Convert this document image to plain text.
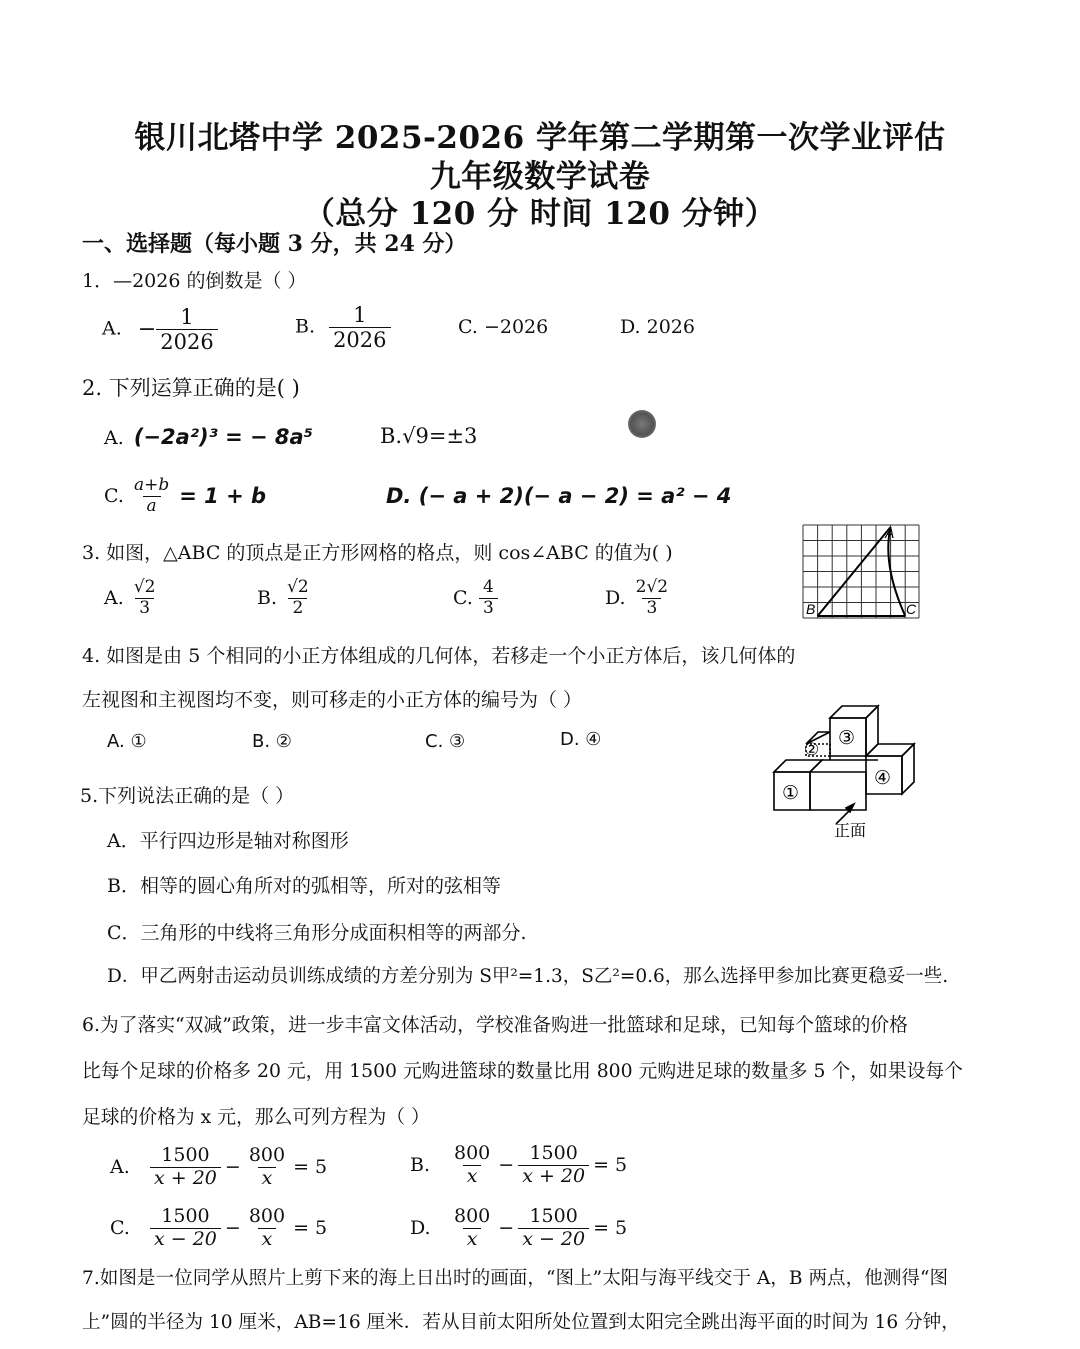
银川北塔中学 2025-2026 学年第二学期第一次学业评估
九年级数学试卷
（总分 120 分 时间 120 分钟）
一、选择题（每小题 3 分，共 24 分）
1．—2026 的倒数是（ ）
A. − $\frac{1}{2026}$	B. $\frac{1}{2026}$	C. −2026	D. 2026
2. 下列运算正确的是( )
A. (−2a²)³ = − 8a⁵	B.√9=±3
C. $\frac{a+b}{a} = 1 + b$	D. (− a + 2)(− a − 2) = a² − 4
3. 如图，△ABC 的顶点是正方形网格的格点，则 cos∠ABC 的值为( )
A. $\frac{√2}{3}$	B. $\frac{√2}{2}$	C. $\frac{4}{3}$	D. $\frac{2√2}{3}$
A
B	C
4. 如图是由 5 个相同的小正方体组成的几何体，若移走一个小正方体后，该几何体的
左视图和主视图均不变，则可移走的小正方体的编号为（ ）
A. ①	B. ②	C. ③	D. ④	③
②
①
④
正面
5.下列说法正确的是（ ）
A．平行四边形是轴对称图形
B．相等的圆心角所对的弧相等，所对的弦相等
C．三角形的中线将三角形分成面积相等的两部分.
D．甲乙两射击运动员训练成绩的方差分别为 S甲²=1.3，S乙²=0.6，那么选择甲参加比赛更稳妥一些.
6.为了落实“双减”政策，进一步丰富文体活动，学校准备购进一批篮球和足球，已知每个篮球的价格
比每个足球的价格多 20 元，用 1500 元购进篮球的数量比用 800 元购进足球的数量多 5 个，如果设每个
足球的价格为 x 元，那么可列方程为（ ）
A.	$\frac{1500}{x + 20} - \frac{800}{x} = 5$	B.	$\frac{800}{x} - \frac{1500}{x + 20} = 5$
C.	$\frac{1500}{x - 20} - \frac{800}{x} = 5$	D.	$\frac{800}{x} - \frac{1500}{x - 20} = 5$
7.如图是一位同学从照片上剪下来的海上日出时的画面，“图上”太阳与海平线交于 A，B 两点，他测得“图
上”圆的半径为 10 厘米，AB=16 厘米．若从目前太阳所处位置到太阳完全跳出海平面的时间为 16 分钟，
